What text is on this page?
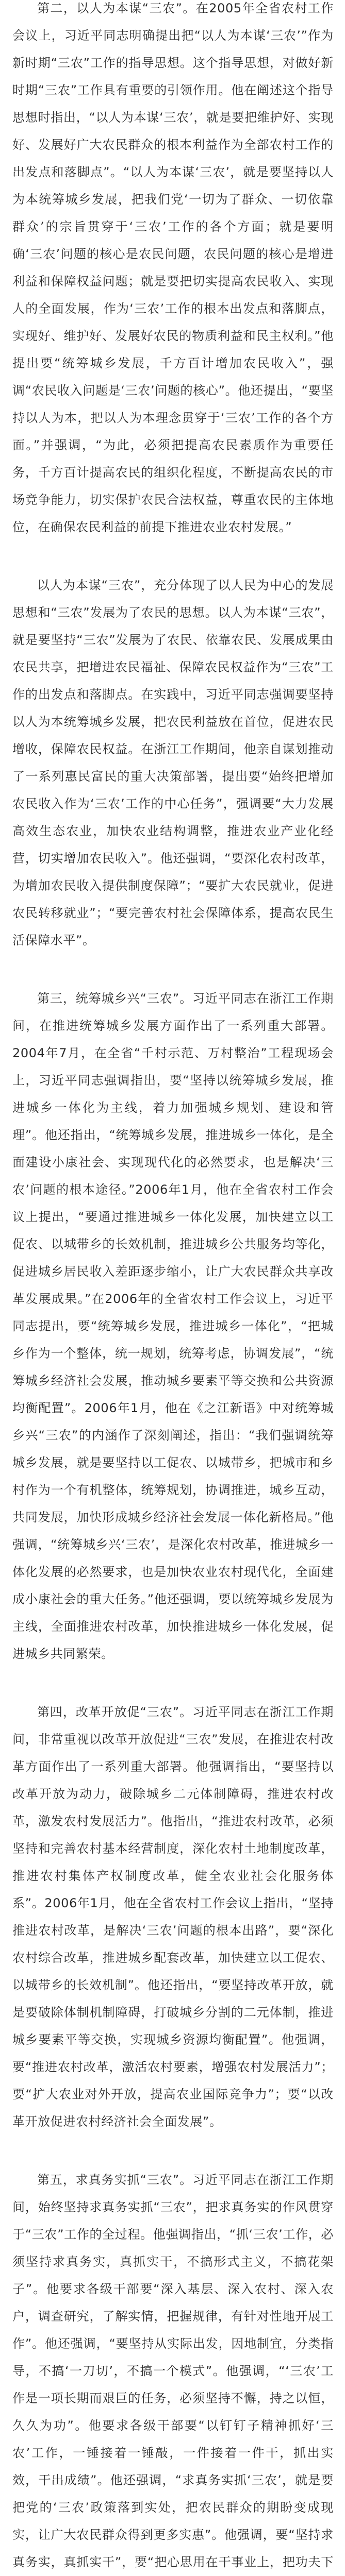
第二，以人为本谋“三农”。在2005年全省农村工作会议上，习近平同志明确提出把“以人为本谋‘三农’”作为新时期“三农”工作的指导思想。这个指导思想，对做好新时期“三农”工作具有重要的引领作用。他在阐述这个指导思想时指出，“以人为本谋‘三农’，就是要把维护好、实现好、发展好广大农民群众的根本利益作为全部农村工作的出发点和落脚点”。“以人为本谋‘三农’，就是要坚持以人为本统筹城乡发展，把我们党‘一切为了群众、一切依靠群众’的宗旨贯穿于‘三农’工作的各个方面；就是要明确‘三农’问题的核心是农民问题，农民问题的核心是增进利益和保障权益问题；就是要把切实提高农民收入、实现人的全面发展，作为‘三农’工作的根本出发点和落脚点，实现好、维护好、发展好农民的物质利益和民主权利。”他提出要“统筹城乡发展，千方百计增加农民收入”，强调“农民收入问题是‘三农’问题的核心”。他还提出，“要坚持以人为本，把以人为本理念贯穿于‘三农’工作的各个方面。”并强调，“为此，必须把提高农民素质作为重要任务，千方百计提高农民的组织化程度，不断提高农民的市场竞争能力，切实保护农民合法权益，尊重农民的主体地位，在确保农民利益的前提下推进农业农村发展。”

以人为本谋“三农”，充分体现了以人民为中心的发展思想和“三农”发展为了农民的思想。以人为本谋“三农”，就是要坚持“三农”发展为了农民、依靠农民、发展成果由农民共享，把增进农民福祉、保障农民权益作为“三农”工作的出发点和落脚点。在实践中，习近平同志强调要坚持以人为本统筹城乡发展，把农民利益放在首位，促进农民增收，保障农民权益。在浙江工作期间，他亲自谋划推动了一系列惠民富民的重大决策部署，提出要“始终把增加农民收入作为‘三农’工作的中心任务”，强调要“大力发展高效生态农业，加快农业结构调整，推进农业产业化经营，切实增加农民收入”。他还强调，“要深化农村改革，为增加农民收入提供制度保障”；“要扩大农民就业，促进农民转移就业”；“要完善农村社会保障体系，提高农民生活保障水平”。

第三，统筹城乡兴“三农”。习近平同志在浙江工作期间，在推进统筹城乡发展方面作出了一系列重大部署。2004年7月，在全省“千村示范、万村整治”工程现场会上，习近平同志强调指出，要“坚持以统筹城乡发展，推进城乡一体化为主线，着力加强城乡规划、建设和管理”。他还指出，“统筹城乡发展，推进城乡一体化，是全面建设小康社会、实现现代化的必然要求，也是解决‘三农’问题的根本途径。”2006年1月，他在全省农村工作会议上提出，“要通过推进城乡一体化发展，加快建立以工促农、以城带乡的长效机制，推进城乡公共服务均等化，促进城乡居民收入差距逐步缩小，让广大农民群众共享改革发展成果。”在2006年的全省农村工作会议上，习近平同志提出，要“统筹城乡发展，推进城乡一体化”，“把城乡作为一个整体，统一规划，统筹考虑，协调发展”，“统筹城乡经济社会发展，推动城乡要素平等交换和公共资源均衡配置”。2006年1月，他在《之江新语》中对统筹城乡兴“三农”的内涵作了深刻阐述，指出：“我们强调统筹城乡发展，就是要坚持以工促农、以城带乡，把城市和乡村作为一个有机整体，统筹规划，协调推进，城乡互动，共同发展，加快形成城乡经济社会发展一体化新格局。”他强调，“统筹城乡兴‘三农’，是深化农村改革，推进城乡一体化发展的必然要求，也是加快农业农村现代化，全面建成小康社会的重大任务。”他还强调，要以统筹城乡发展为主线，全面推进农村改革，加快推进城乡一体化发展，促进城乡共同繁荣。

第四，改革开放促“三农”。习近平同志在浙江工作期间，非常重视以改革开放促进“三农”发展，在推进农村改革方面作出了一系列重大部署。他强调指出，“要坚持以改革开放为动力，破除城乡二元体制障碍，推进农村改革，激发农村发展活力”。他指出，“推进农村改革，必须坚持和完善农村基本经营制度，深化农村土地制度改革，推进农村集体产权制度改革，健全农业社会化服务体系”。2006年1月，他在全省农村工作会议上指出，“坚持推进农村改革，是解决‘三农’问题的根本出路”，要“深化农村综合改革，推进城乡配套改革，加快建立以工促农、以城带乡的长效机制”。他还指出，“要坚持改革开放，就是要破除体制机制障碍，打破城乡分割的二元体制，推进城乡要素平等交换，实现城乡资源均衡配置”。他强调，要“推进农村改革，激活农村要素，增强农村发展活力”；要“扩大农业对外开放，提高农业国际竞争力”；要“以改革开放促进农村经济社会全面发展”。

第五，求真务实抓“三农”。习近平同志在浙江工作期间，始终坚持求真务实抓“三农”，把求真务实的作风贯穿于“三农”工作的全过程。他强调指出，“抓‘三农’工作，必须坚持求真务实，真抓实干，不搞形式主义，不搞花架子”。他要求各级干部要“深入基层、深入农村、深入农户，调查研究，了解实情，把握规律，有针对性地开展工作”。他还强调，“要坚持从实际出发，因地制宜，分类指导，不搞‘一刀切’，不搞一个模式”。他强调，“‘三农’工作是一项长期而艰巨的任务，必须坚持不懈，持之以恒，久久为功”。他要求各级干部要“以钉钉子精神抓好‘三农’工作，一锤接着一锤敲，一件接着一件干，抓出实效，干出成绩”。他还强调，“求真务实抓‘三农’，就是要把党的‘三农’政策落到实处，把农民群众的期盼变成现实，让广大农民群众得到更多实惠”。他强调，要“坚持求真务实，真抓实干”，要“把心思用在干事业上，把功夫下
